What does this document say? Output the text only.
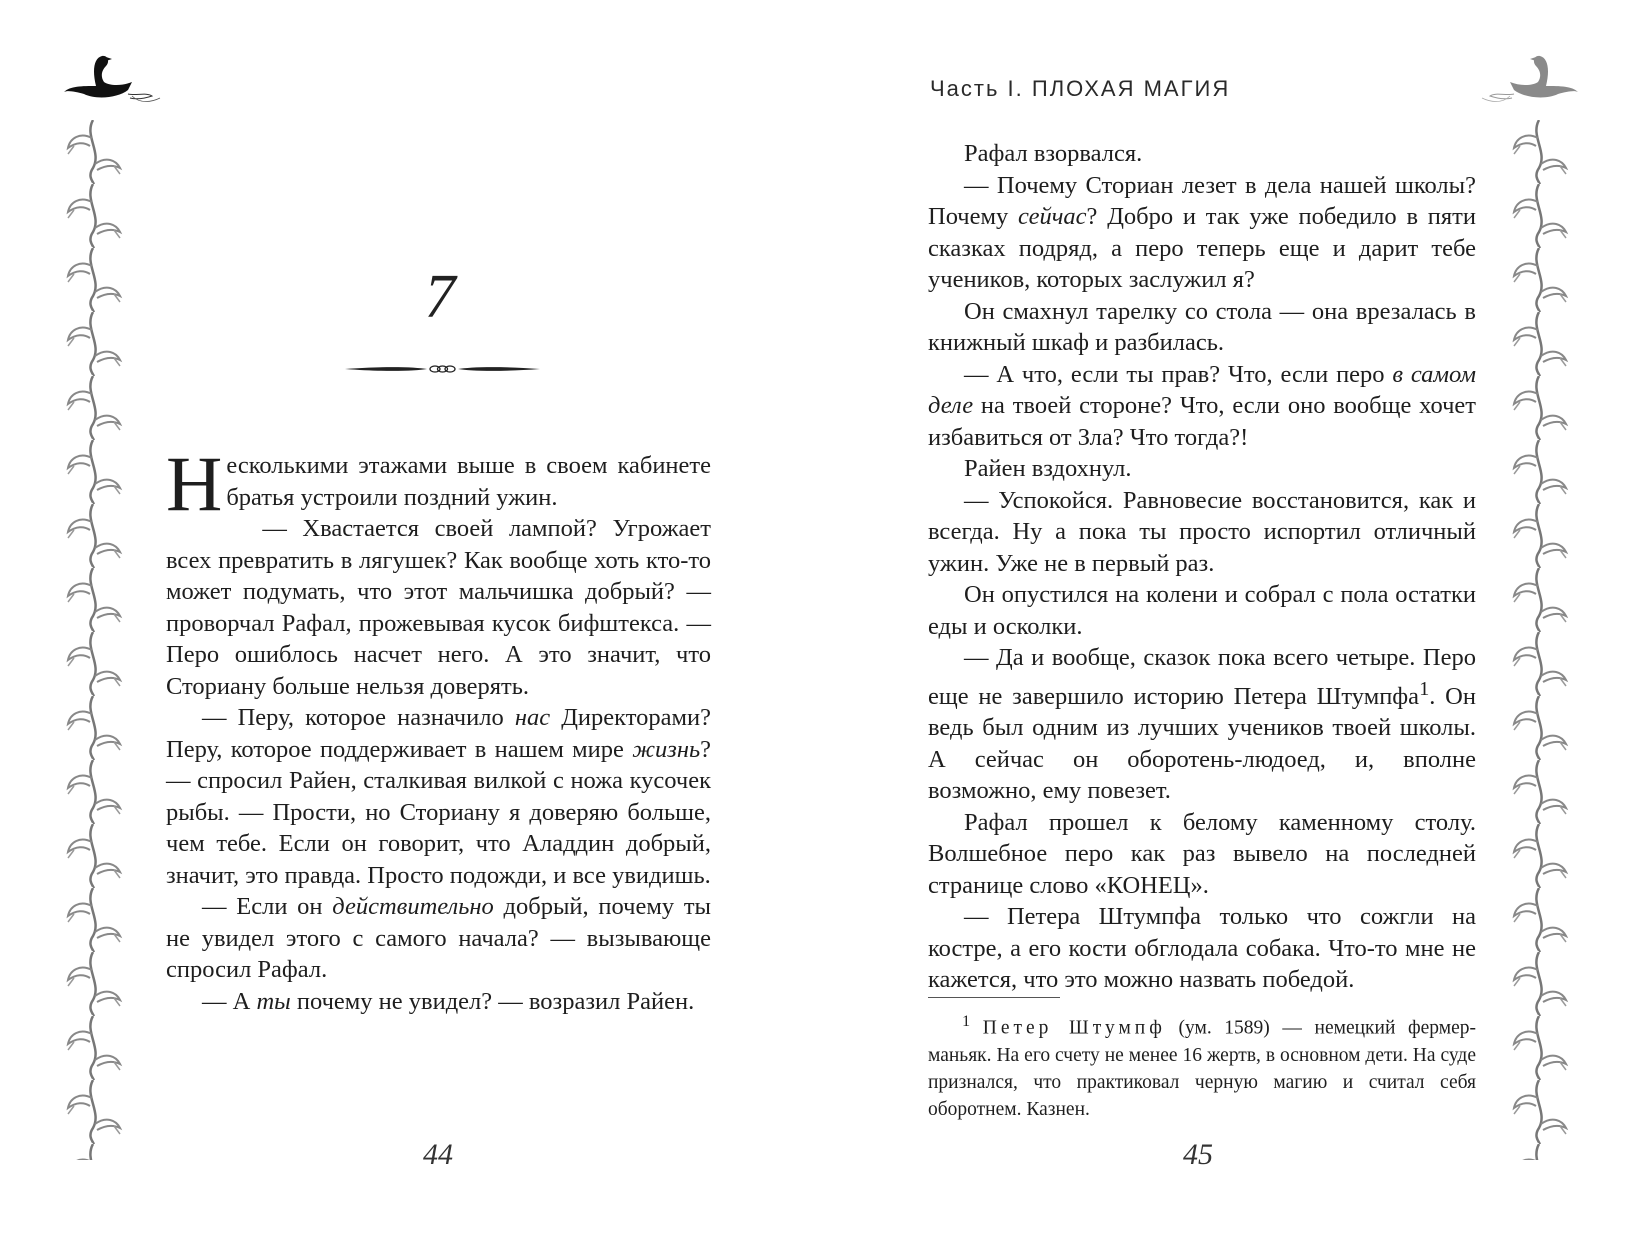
Часть I. ПЛОХАЯ МАГИЯ
7

Несколькими этажами выше в своем кабинете братья устроили поздний ужин.

— Хвастается своей лампой? Угрожает всех превратить в лягушек? Как вообще хоть кто-то может подумать, что этот мальчишка добрый? — проворчал Рафал, прожевывая кусок бифштекса. — Перо ошиблось насчет него. А это значит, что Сториану больше нельзя доверять.

— Перу, которое назначило нас Директорами? Перу, которое поддерживает в нашем мире жизнь? — спросил Райен, сталкивая вилкой с ножа кусочек рыбы. — Прости, но Сториану я доверяю больше, чем тебе. Если он говорит, что Аладдин добрый, значит, это правда. Просто подожди, и все увидишь.

— Если он действительно добрый, почему ты не увидел этого с самого начала? — вызывающе спросил Рафал.

— А ты почему не увидел? — возразил Райен.

44

Рафал взорвался.

— Почему Сториан лезет в дела нашей школы? Почему сейчас? Добро и так уже победило в пяти сказках подряд, а перо теперь еще и дарит тебе учеников, которых заслужил я?

Он смахнул тарелку со стола — она врезалась в книжный шкаф и разбилась.

— А что, если ты прав? Что, если перо в самом деле на твоей стороне? Что, если оно вообще хочет избавиться от Зла? Что тогда?!

Райен вздохнул.

— Успокойся. Равновесие восстановится, как и всегда. Ну а пока ты просто испортил отличный ужин. Уже не в первый раз.

Он опустился на колени и собрал с пола остатки еды и осколки.

— Да и вообще, сказок пока всего четыре. Перо еще не завершило историю Петера Штумпфа$^1$. Он ведь был одним из лучших учеников твоей школы. А сейчас он оборотень-людоед, и, вполне возможно, ему повезет.

Рафал прошел к белому каменному столу. Волшебное перо как раз вывело на последней странице слово «КОНЕЦ».

— Петера Штумпфа только что сожгли на костре, а его кости обглодала собака. Что-то мне не кажется, что это можно назвать победой.

$^1$ Петер Штумпф (ум. 1589) — немецкий фермер-маньяк. На его счету не менее 16 жертв, в основном дети. На суде признался, что практиковал черную магию и считал себя оборотнем. Казнен.

45
